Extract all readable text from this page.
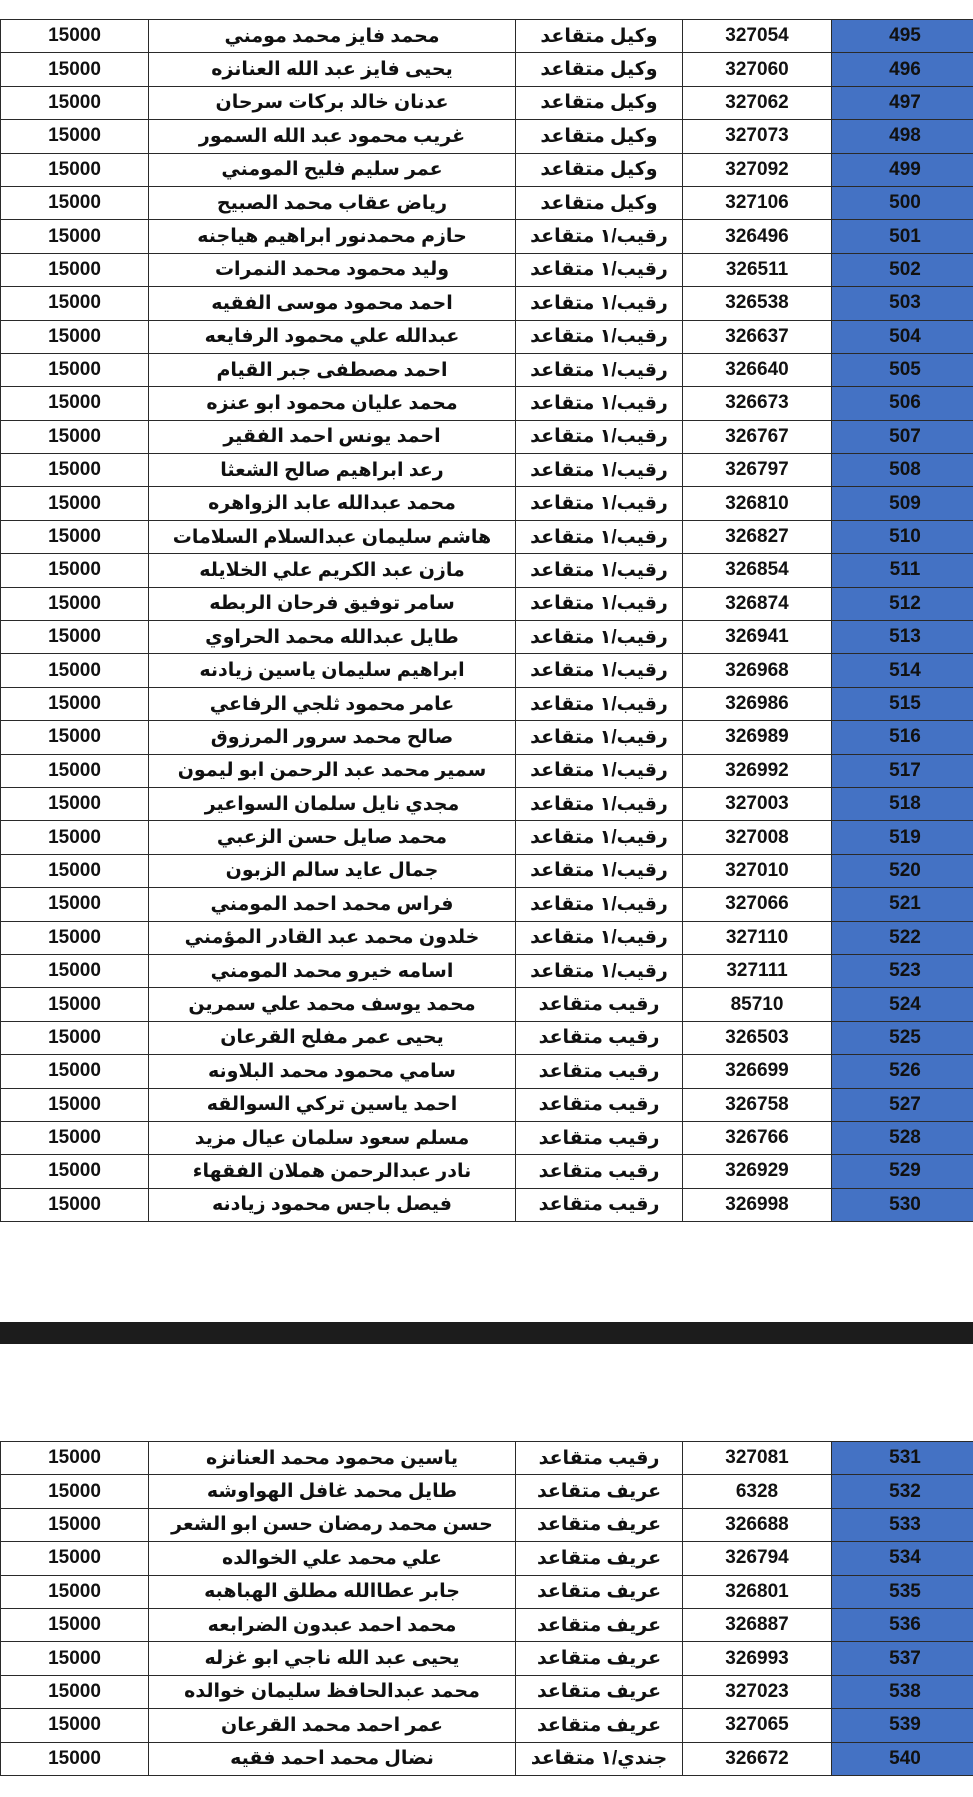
15000	محمد فايز محمد مومني	وكيل متقاعد	327054	495
15000	يحيى فايز عبد الله العنانزه	وكيل متقاعد	327060	496
15000	عدنان خالد بركات سرحان	وكيل متقاعد	327062	497
15000	غريب محمود عبد الله السمور	وكيل متقاعد	327073	498
15000	عمر سليم فليح المومني	وكيل متقاعد	327092	499
15000	رياض عقاب محمد الصبيح	وكيل متقاعد	327106	500
15000	حازم محمدنور ابراهيم هياجنه	رقيب/١ متقاعد	326496	501
15000	وليد محمود محمد النمرات	رقيب/١ متقاعد	326511	502
15000	احمد محمود موسى الفقيه	رقيب/١ متقاعد	326538	503
15000	عبدالله علي محمود الرفايعه	رقيب/١ متقاعد	326637	504
15000	احمد مصطفى جبر القيام	رقيب/١ متقاعد	326640	505
15000	محمد عليان محمود ابو عنزه	رقيب/١ متقاعد	326673	506
15000	احمد يونس احمد الفقير	رقيب/١ متقاعد	326767	507
15000	رعد ابراهيم صالح الشعثا	رقيب/١ متقاعد	326797	508
15000	محمد عبدالله عابد الزواهره	رقيب/١ متقاعد	326810	509
15000	هاشم سليمان عبدالسلام السلامات	رقيب/١ متقاعد	326827	510
15000	مازن عبد الكريم علي الخلايله	رقيب/١ متقاعد	326854	511
15000	سامر توفيق فرحان الربطه	رقيب/١ متقاعد	326874	512
15000	طايل عبدالله محمد الحراوي	رقيب/١ متقاعد	326941	513
15000	ابراهيم سليمان ياسين زيادنه	رقيب/١ متقاعد	326968	514
15000	عامر محمود ثلجي الرفاعي	رقيب/١ متقاعد	326986	515
15000	صالح محمد سرور المرزوق	رقيب/١ متقاعد	326989	516
15000	سمير محمد عبد الرحمن ابو ليمون	رقيب/١ متقاعد	326992	517
15000	مجدي نايل سلمان السواعير	رقيب/١ متقاعد	327003	518
15000	محمد صايل حسن الزعبي	رقيب/١ متقاعد	327008	519
15000	جمال عايد سالم الزبون	رقيب/١ متقاعد	327010	520
15000	فراس محمد احمد المومني	رقيب/١ متقاعد	327066	521
15000	خلدون محمد عبد القادر المؤمني	رقيب/١ متقاعد	327110	522
15000	اسامه خيرو محمد المومني	رقيب/١ متقاعد	327111	523
15000	محمد يوسف محمد علي سمرين	رقيب متقاعد	85710	524
15000	يحيى عمر مفلح القرعان	رقيب متقاعد	326503	525
15000	سامي محمود محمد البلاونه	رقيب متقاعد	326699	526
15000	احمد ياسين تركي السوالقه	رقيب متقاعد	326758	527
15000	مسلم سعود سلمان عيال مزيد	رقيب متقاعد	326766	528
15000	نادر عبدالرحمن هملان الفقهاء	رقيب متقاعد	326929	529
15000	فيصل باجس محمود زيادنه	رقيب متقاعد	326998	530
15000	ياسين محمود محمد العنانزه	رقيب متقاعد	327081	531
15000	طايل محمد غافل الهواوشه	عريف متقاعد	6328	532
15000	حسن محمد رمضان حسن ابو الشعر	عريف متقاعد	326688	533
15000	علي محمد علي الخوالده	عريف متقاعد	326794	534
15000	جابر عطاالله مطلق الهباهبه	عريف متقاعد	326801	535
15000	محمد احمد عبدون الضرابعه	عريف متقاعد	326887	536
15000	يحيى عبد الله ناجي ابو غزله	عريف متقاعد	326993	537
15000	محمد عبدالحافظ سليمان خوالده	عريف متقاعد	327023	538
15000	عمر احمد محمد القرعان	عريف متقاعد	327065	539
15000	نضال محمد احمد فقيه	جندي/١ متقاعد	326672	540
